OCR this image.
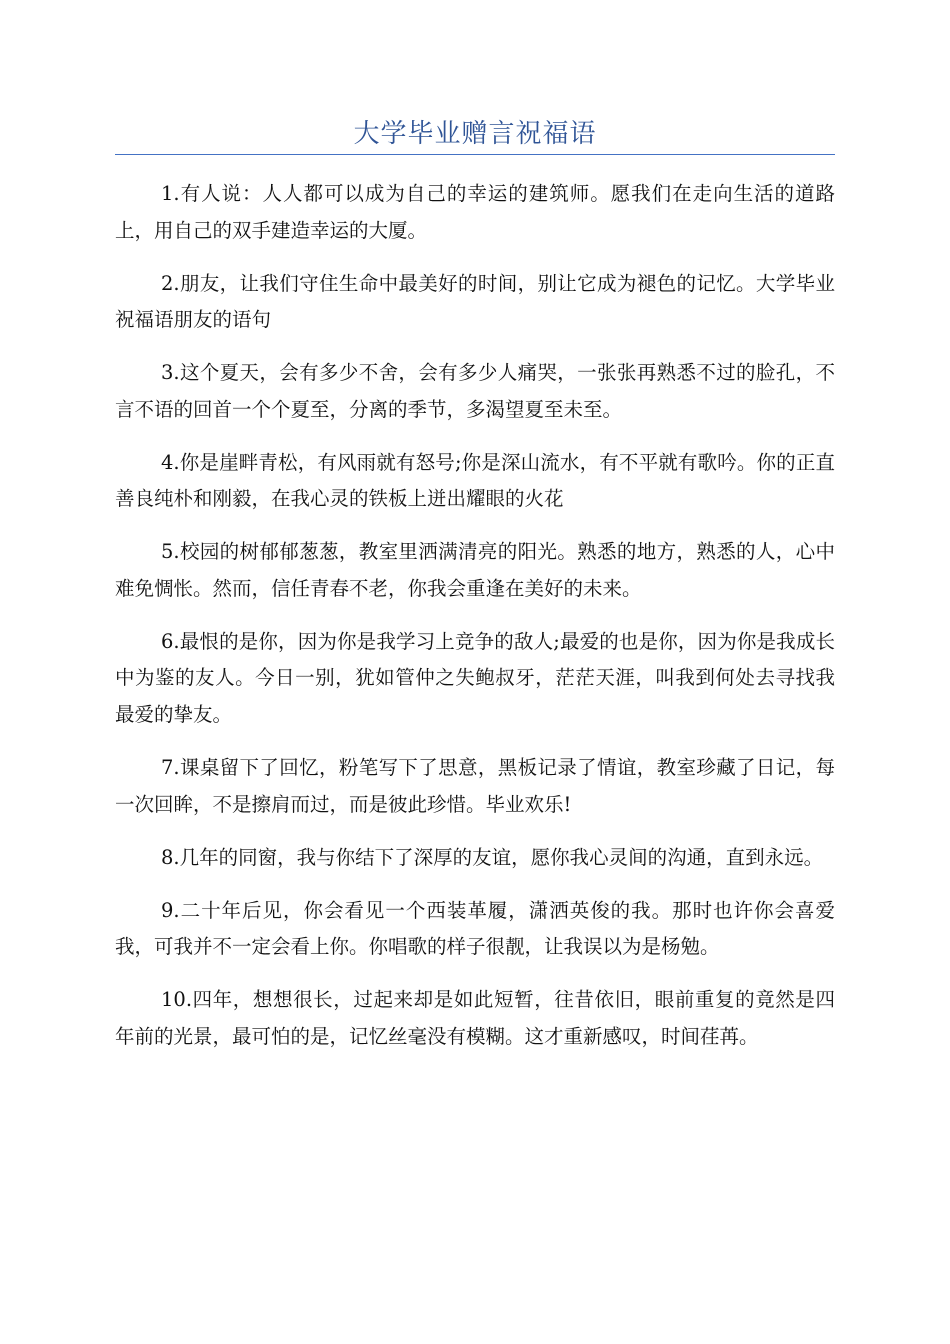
大学毕业赠言祝福语

1.有人说：人人都可以成为自己的幸运的建筑师。愿我们在走向生活的道路上，用自己的双手建造幸运的大厦。

2.朋友，让我们守住生命中最美好的时间，别让它成为褪色的记忆。大学毕业祝福语朋友的语句

3.这个夏天，会有多少不舍，会有多少人痛哭，一张张再熟悉不过的脸孔，不言不语的回首一个个夏至，分离的季节，多渴望夏至未至。

4.你是崖畔青松，有风雨就有怒号;你是深山流水，有不平就有歌吟。你的正直善良纯朴和刚毅，在我心灵的铁板上迸出耀眼的火花

5.校园的树郁郁葱葱，教室里洒满清亮的阳光。熟悉的地方，熟悉的人，心中难免惆怅。然而，信任青春不老，你我会重逢在美好的未来。

6.最恨的是你，因为你是我学习上竞争的敌人;最爱的也是你，因为你是我成长中为鉴的友人。今日一别，犹如管仲之失鲍叔牙，茫茫天涯，叫我到何处去寻找我最爱的挚友。

7.课桌留下了回忆，粉笔写下了思意，黑板记录了情谊，教室珍藏了日记，每一次回眸，不是擦肩而过，而是彼此珍惜。毕业欢乐!

8.几年的同窗，我与你结下了深厚的友谊，愿你我心灵间的沟通，直到永远。

9.二十年后见，你会看见一个西装革履，潇洒英俊的我。那时也许你会喜爱我，可我并不一定会看上你。你唱歌的样子很靓，让我误以为是杨勉。

10.四年，想想很长，过起来却是如此短暂，往昔依旧，眼前重复的竟然是四年前的光景，最可怕的是，记忆丝毫没有模糊。这才重新感叹，时间荏苒。
